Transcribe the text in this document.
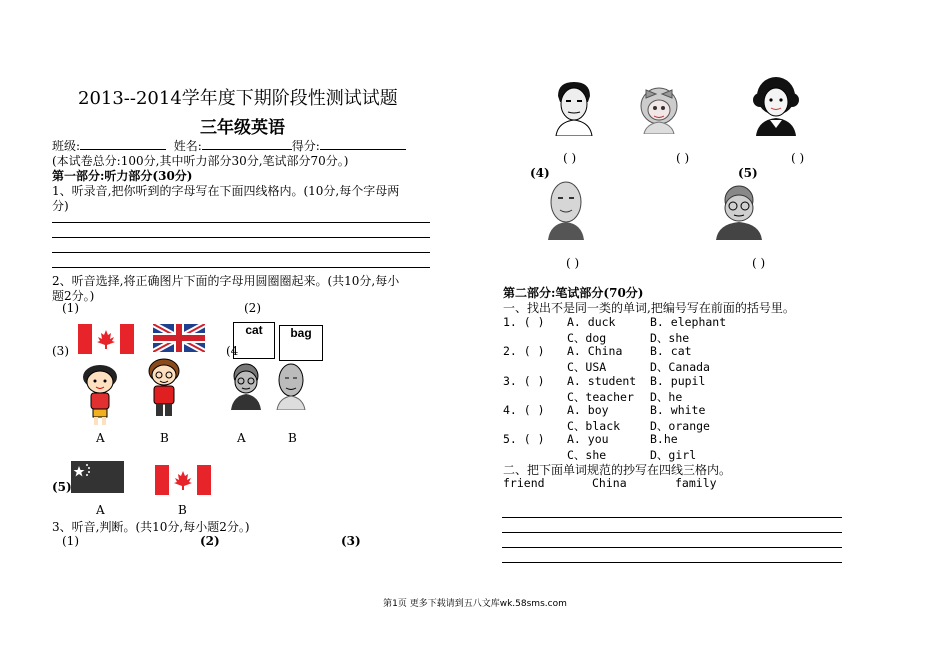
2013--2014学年度下期阶段性测试试题
三年级英语
班级:	姓名:	得分:
(本试卷总分:100分,其中听力部分30分,笔试部分70分。)
第一部分:听力部分(30分)
1、听录音,把你听到的字母写在下面四线格内。(10分,每个字母两
分)
2、听音选择,将正确图片下面的字母用圆圈圈起来。(共10分,每小
题2分。)
(1)	(2)
cat	bag
(3)	(4
A	B	A	B
(5)
A	B
3、听音,判断。(共10分,每小题2分。)
(1)	(2)	(3)
( )	( )	( )
(4)	(5)
( )	( )
第二部分:笔试部分(70分)
一、找出不是同一类的单词,把编号写在前面的括号里。
1. ( ) A. duck	B. elephant
C、dog	D、she
2. ( ) A. China B. cat
C、USA	D、Canada
3. ( ) A. student B. pupil
C、teacher D、he
4. ( ) A. boy	B. white
C、black	D、orange
5. ( ) A. you	B.he
C、she	D、girl
二、把下面单词规范的抄写在四线三格内。
friend	China	family
第1页 更多下载请到五八文库wk.58sms.com
